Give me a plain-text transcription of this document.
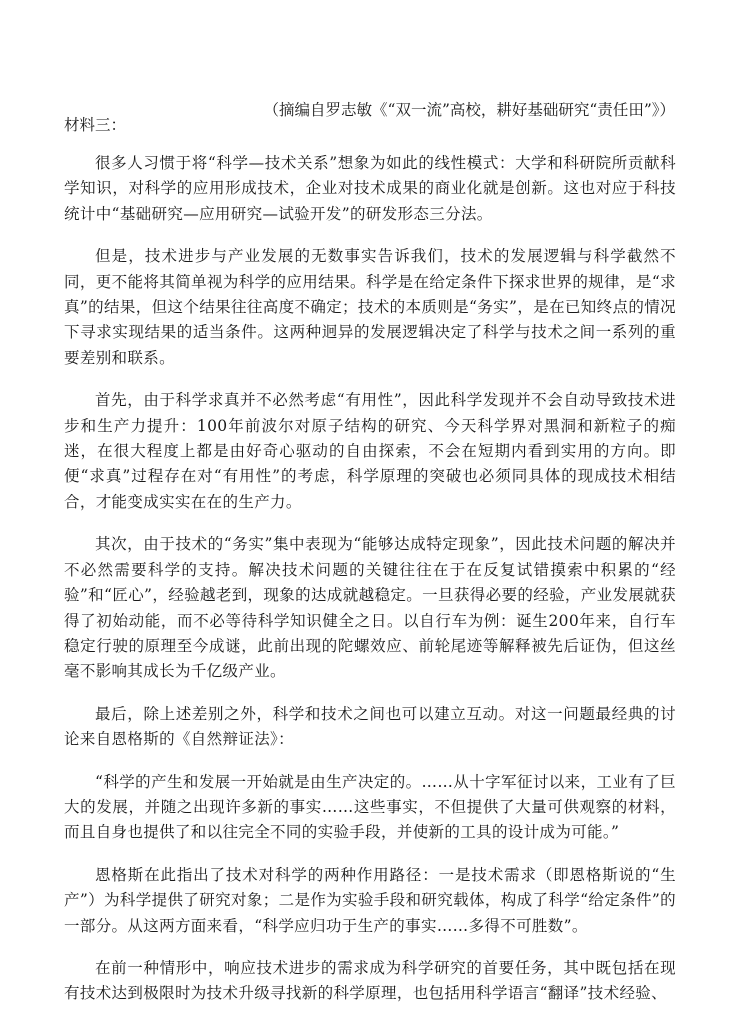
（摘编自罗志敏《“双一流”高校，耕好基础研究“责任田”》）
材料三：

很多人习惯于将“科学—技术关系”想象为如此的线性模式：大学和科研院所贡献科学知识，对科学的应用形成技术，企业对技术成果的商业化就是创新。这也对应于科技统计中“基础研究—应用研究—试验开发”的研发形态三分法。

但是，技术进步与产业发展的无数事实告诉我们，技术的发展逻辑与科学截然不同，更不能将其简单视为科学的应用结果。科学是在给定条件下探求世界的规律，是“求真”的结果，但这个结果往往高度不确定；技术的本质则是“务实”，是在已知终点的情况下寻求实现结果的适当条件。这两种迥异的发展逻辑决定了科学与技术之间一系列的重要差别和联系。

首先，由于科学求真并不必然考虑“有用性”，因此科学发现并不会自动导致技术进步和生产力提升：100年前波尔对原子结构的研究、今天科学界对黑洞和新粒子的痴迷，在很大程度上都是由好奇心驱动的自由探索，不会在短期内看到实用的方向。即便“求真”过程存在对“有用性”的考虑，科学原理的突破也必须同具体的现成技术相结合，才能变成实实在在的生产力。

其次，由于技术的“务实”集中表现为“能够达成特定现象”，因此技术问题的解决并不必然需要科学的支持。解决技术问题的关键往往在于在反复试错摸索中积累的“经验”和“匠心”，经验越老到，现象的达成就越稳定。一旦获得必要的经验，产业发展就获得了初始动能，而不必等待科学知识健全之日。以自行车为例：诞生200年来，自行车稳定行驶的原理至今成谜，此前出现的陀螺效应、前轮尾迹等解释被先后证伪，但这丝毫不影响其成长为千亿级产业。

最后，除上述差别之外，科学和技术之间也可以建立互动。对这一问题最经典的讨论来自恩格斯的《自然辩证法》：

“科学的产生和发展一开始就是由生产决定的。……从十字军征讨以来，工业有了巨大的发展，并随之出现许多新的事实……这些事实，不但提供了大量可供观察的材料，而且自身也提供了和以往完全不同的实验手段，并使新的工具的设计成为可能。”

恩格斯在此指出了技术对科学的两种作用路径：一是技术需求（即恩格斯说的“生产”）为科学提供了研究对象；二是作为实验手段和研究载体，构成了科学“给定条件”的一部分。从这两方面来看，“科学应归功于生产的事实……多得不可胜数”。

在前一种情形中，响应技术进步的需求成为科学研究的首要任务，其中既包括在现有技术达到极限时为技术升级寻找新的科学原理，也包括用科学语言“翻译”技术经验、
